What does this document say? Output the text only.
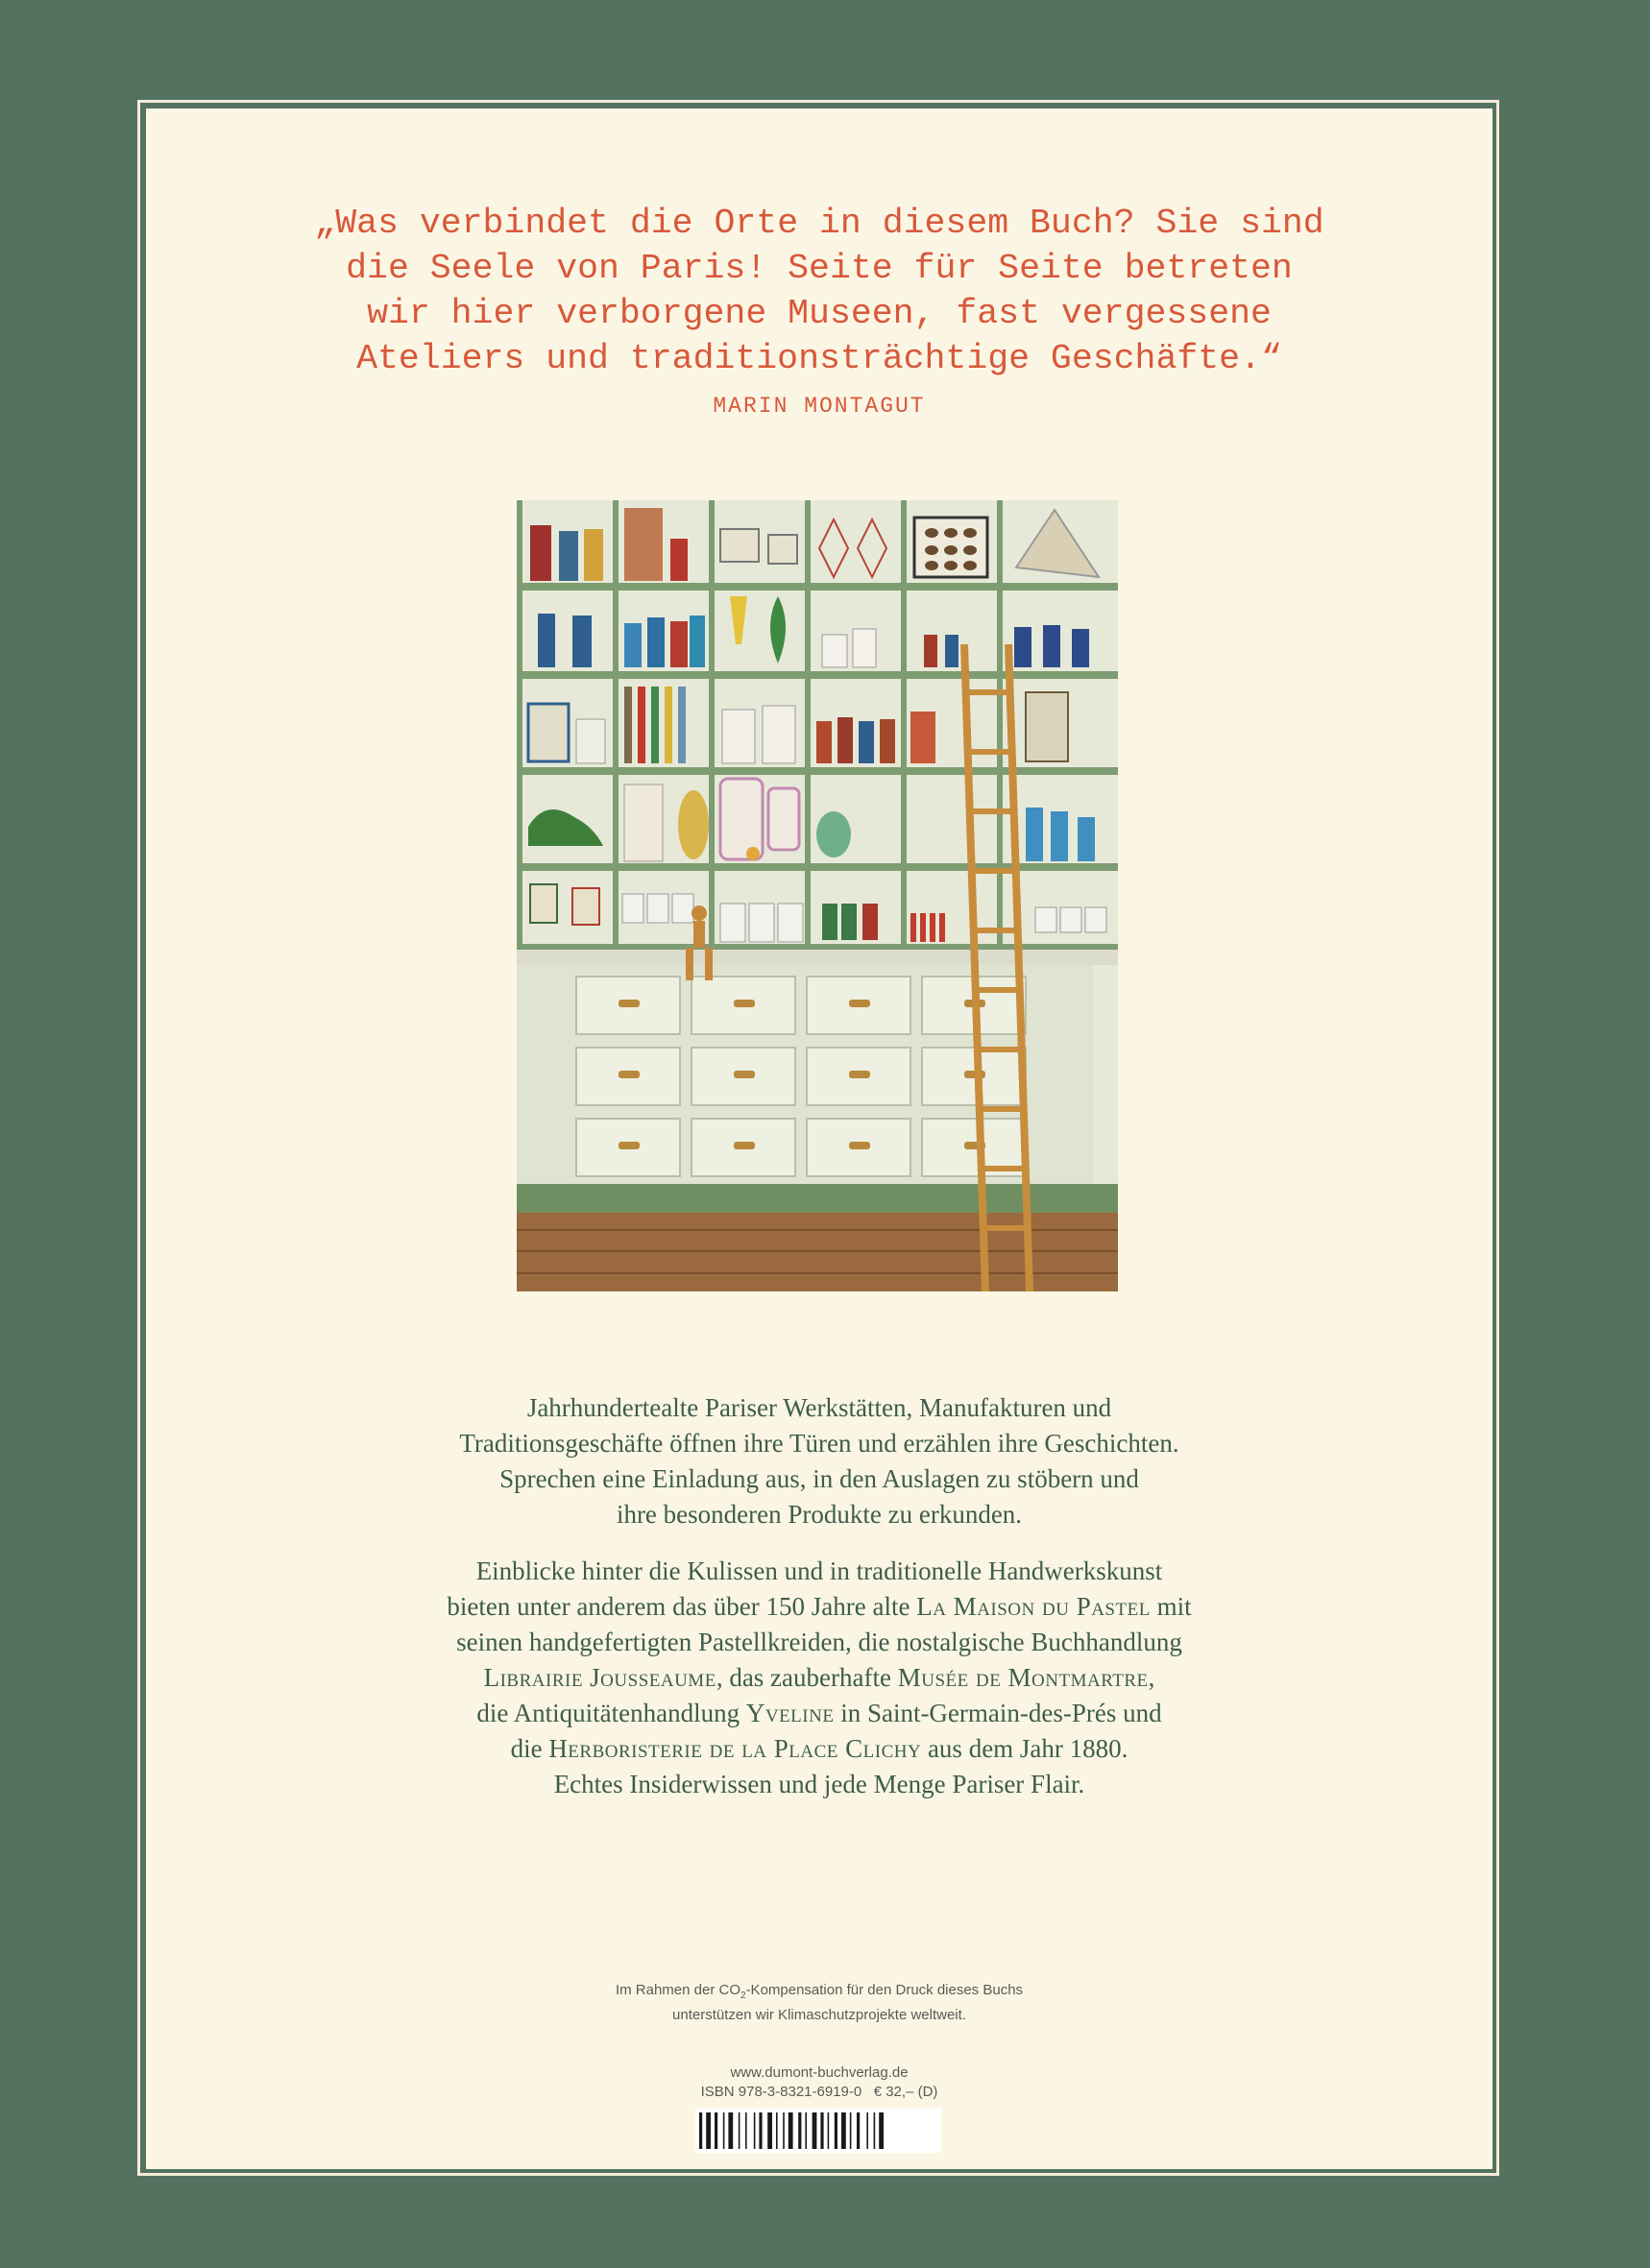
„Was verbindet die Orte in diesem Buch? Sie sind
die Seele von Paris! Seite für Seite betreten
wir hier verborgene Museen, fast vergessene
Ateliers und traditionsträchtige Geschäfte.“
MARIN MONTAGUT
Jahrhundertealte Pariser Werkstätten, Manufakturen und
Traditionsgeschäfte öffnen ihre Türen und erzählen ihre Geschichten.
Sprechen eine Einladung aus, in den Auslagen zu stöbern und
ihre besonderen Produkte zu erkunden.
Einblicke hinter die Kulissen und in traditionelle Handwerkskunst
bieten unter anderem das über 150 Jahre alte La Maison du Pastel mit
seinen handgefertigten Pastellkreiden, die nostalgische Buchhandlung
Librairie Jousseaume, das zauberhafte Musée de Montmartre,
die Antiquitätenhandlung Yveline in Saint-Germain-des-Prés und
die Herboristerie de la Place Clichy aus dem Jahr 1880.
Echtes Insiderwissen und jede Menge Pariser Flair.
Im Rahmen der $CO_2$-Kompensation für den Druck dieses Buchs
unterstützen wir Klimaschutzprojekte weltweit.
www.dumont-buchverlag.de
ISBN 978-3-8321-6919-0   € 32,– (D)
